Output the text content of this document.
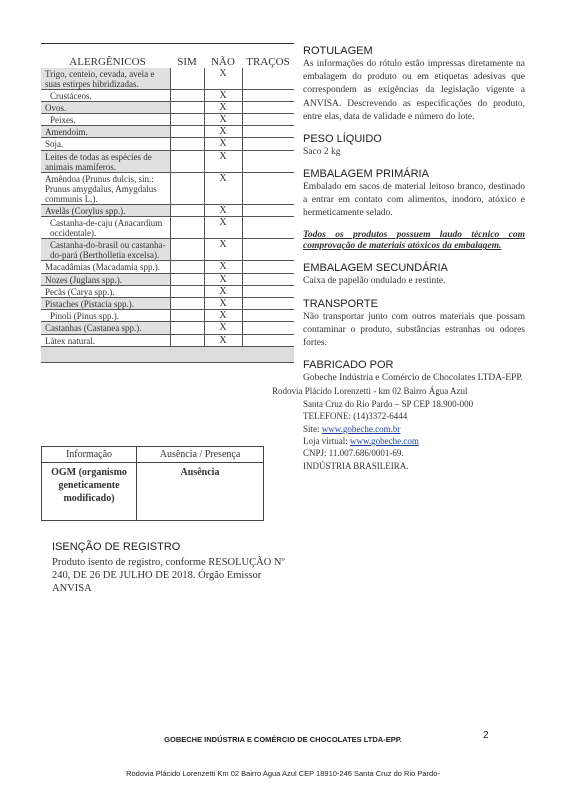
ALERGÊNICOS	SIM	NÃO	TRAÇOS
Trigo, centeio, cevada, aveia e suas estirpes hibridizadas.		X	
Crustáceos.		X	
Ovos.		X	
Peixes.		X	
Amendoim.		X	
Soja.		X	
Leites de todas as espécies de animais mamíferos.		X	
Amêndoa (Prunus dulcis, sin.: Prunus amygdalus, Amygdalus communis L.).		X	
Avelãs (Corylus spp.).		X	
Castanha-de-caju (Anacardium occidentale).		X	
Castanha-do-brasil ou castanha-do-pará (Bertholletia excelsa).		X	
Macadâmias (Macadamia spp.).		X	
Nozes (Juglans spp.).		X	
Pecãs (Carya spp.).		X	
Pistaches (Pistacia spp.).		X	
Pinoli (Pinus spp.).		X	
Castanhas (Castanea spp.).		X	
Látex natural.		X	

Informação	Ausência / Presença
OGM (organismo geneticamente modificado)	Ausência
ISENÇÃO DE REGISTRO

Produto isento de registro, conforme RESOLUÇÃO Nº 240, DE 26 DE JULHO DE 2018. Órgão Emissor ANVISA

ROTULAGEM

As informações do rótulo estão impressas diretamente na embalagem do produto ou em etiquetas adesivas que correspondem as exigências da legislação vigente a ANVISA. Descrevendo as especificações do produto, entre elas, data de validade e número do lote.

PESO LÍQUIDO

Saco 2 kg

EMBALAGEM PRIMÁRIA

Embalado em sacos de material leitoso branco, destinado a entrar em contato com alimentos, inodoro, atóxico e hermeticamente selado.

Todos os produtos possuem laudo técnico com comprovação de materiais atóxicos da embalagem.

EMBALAGEM SECUNDÁRIA

Caixa de papelão ondulado e restinte.

TRANSPORTE

Não transportar junto com outros materiais que possam contaminar o produto, substâncias estranhas ou odores fortes.

FABRICADO POR

Gobeche Indústria e Comércio de Chocolates LTDA-EPP.

Rodovia Plácido Lorenzetti - km 02 Bairro Água Azul
Santa Cruz do Rio Pardo – SP CEP 18.900-000
TELEFONE: (14)3372-6444
Site: www.gobeche.com.br
Loja virtual: www.gobeche.com
CNPJ: 11.007.686/0001-69.
INDÚSTRIA BRASILEIRA.
2
GOBECHE INDÚSTRIA E COMÉRCIO DE CHOCOLATES LTDA-EPP.
Rodovia Plácido Lorenzetti Km 02 Bairro Agua Azul CEP 18910-246 Santa Cruz do Rio Pardo-
